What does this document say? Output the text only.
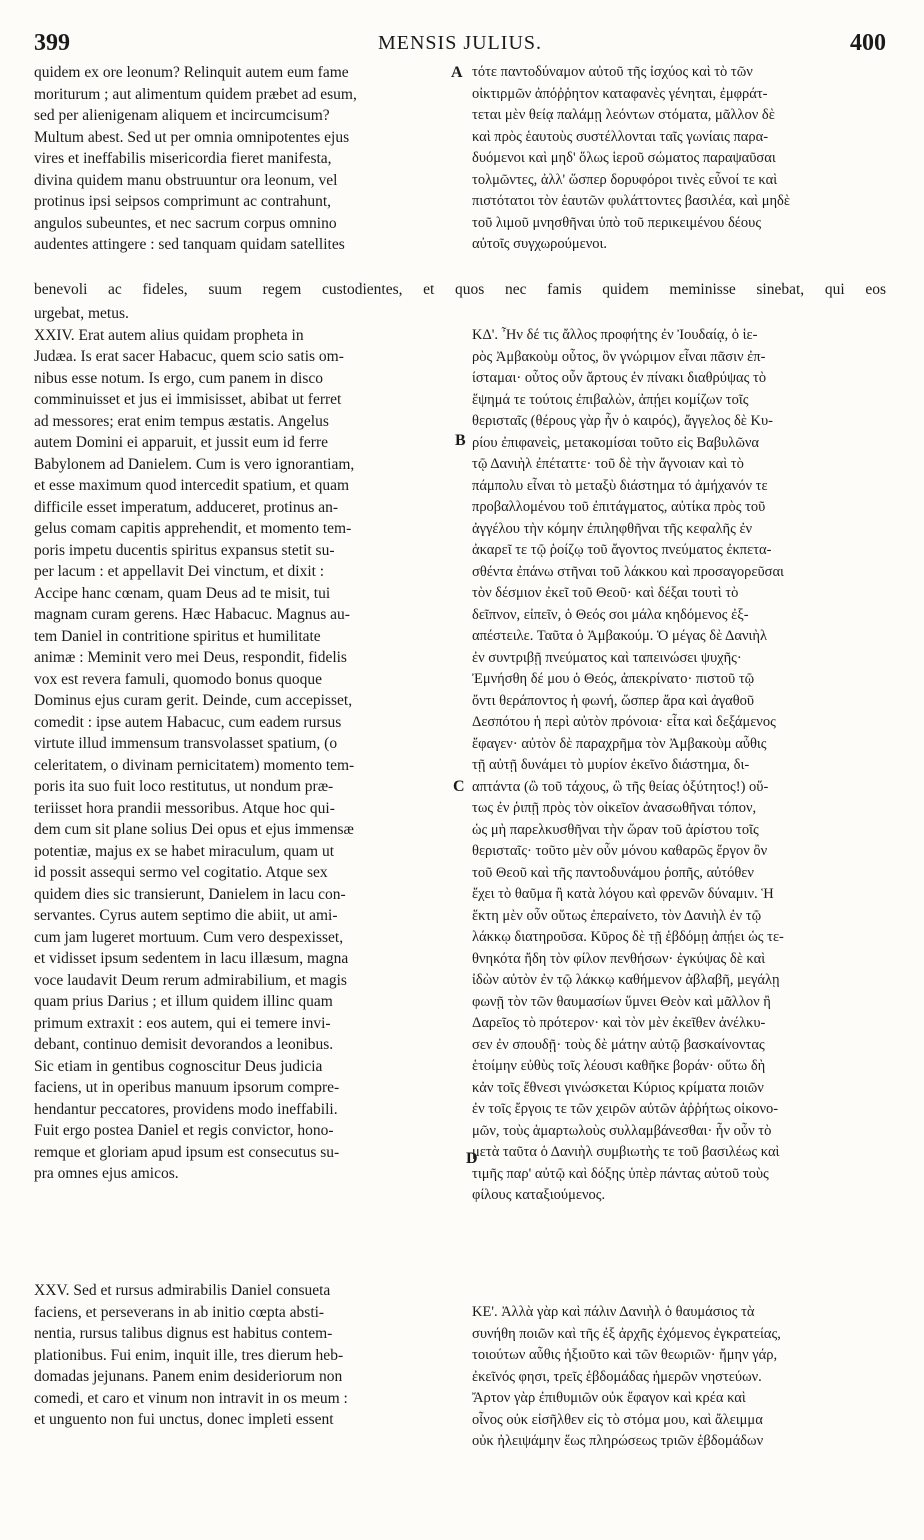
399	MENSIS JULIUS.	400
quidem ex ore leonum? Relinquit autem eum fame
moriturum ; aut alimentum quidem præbet ad esum,
sed per alienigenam aliquem et incircumcisum?
Multum abest. Sed ut per omnia omnipotentes ejus
vires et ineffabilis misericordia fieret manifesta,
divina quidem manu obstruuntur ora leonum, vel
protinus ipsi seipsos comprimunt ac contrahunt,
angulos subeuntes, et nec sacrum corpus omnino
audentes attingere : sed tanquam quidam satellites
τότε παντοδύναμον αὐτοῦ τῆς ἰσχύος καὶ τὸ τῶν
οἰκτιρμῶν ἀπόῤῥητον καταφανὲς γένηται, ἐμφράτ-
τεται μὲν θείᾳ παλάμῃ λεόντων στόματα, μᾶλλον δὲ
καὶ πρὸς ἑαυτοὺς συστέλλονται ταῖς γωνίαις παρα-
δυόμενοι καὶ μηδ' ὅλως ἱεροῦ σώματος παραψαῦσαι
τολμῶντες, ἀλλ' ὥσπερ δορυφόροι τινὲς εὖνοί τε καὶ
πιστότατοι τὸν ἑαυτῶν φυλάττοντες βασιλέα, καὶ μηδὲ
τοῦ λιμοῦ μνησθῆναι ὑπὸ τοῦ περικειμένου δέους
αὐτοῖς συγχωρούμενοι.
benevoli ac fideles, suum regem custodientes, et quos nec famis quidem meminisse sinebat, qui eos
urgebat, metus.
XXIV. Erat autem alius quidam propheta in
Judæa. Is erat sacer Habacuc, quem scio satis om-
nibus esse notum. Is ergo, cum panem in disco
comminuisset et jus ei immisisset, abibat ut ferret
ad messores; erat enim tempus æstatis. Angelus
autem Domini ei apparuit, et jussit eum id ferre
Babylonem ad Danielem. Cum is vero ignorantiam,
et esse maximum quod intercedit spatium, et quam
difficile esset imperatum, adduceret, protinus an-
gelus comam capitis apprehendit, et momento tem-
poris impetu ducentis spiritus expansus stetit su-
per lacum : et appellavit Dei vinctum, et dixit :
Accipe hanc cœnam, quam Deus ad te misit, tui
magnam curam gerens. Hæc Habacuc. Magnus au-
tem Daniel in contritione spiritus et humilitate
animæ : Meminit vero mei Deus, respondit, fidelis
vox est revera famuli, quomodo bonus quoque
Dominus ejus curam gerit. Deinde, cum accepisset,
comedit : ipse autem Habacuc, cum eadem rursus
virtute illud immensum transvolasset spatium, (o
celeritatem, o divinam pernicitatem) momento tem-
poris ita suo fuit loco restitutus, ut nondum præ-
teriisset hora prandii messoribus. Atque hoc qui-
dem cum sit plane solius Dei opus et ejus immensæ
potentiæ, majus ex se habet miraculum, quam ut
id possit assequi sermo vel cogitatio. Atque sex
quidem dies sic transierunt, Danielem in lacu con-
servantes. Cyrus autem septimo die abiit, ut ami-
cum jam lugeret mortuum. Cum vero despexisset,
et vidisset ipsum sedentem in lacu illæsum, magna
voce laudavit Deum rerum admirabilium, et magis
quam prius Darius ; et illum quidem illinc quam
primum extraxit : eos autem, qui ei temere invi-
debant, continuo demisit devorandos a leonibus.
Sic etiam in gentibus cognoscitur Deus judicia
faciens, ut in operibus manuum ipsorum compre-
hendantur peccatores, providens modo ineffabili.
Fuit ergo postea Daniel et regis convictor, hono-
remque et gloriam apud ipsum est consecutus su-
pra omnes ejus amicos.
ΚΔ'. Ἦν δέ τις ἄλλος προφήτης ἐν Ἰουδαίᾳ, ὁ ἱε-
ρὸς Ἀμβακοὺμ οὗτος, ὃν γνώριμον εἶναι πᾶσιν ἐπ-
ίσταμαι· οὗτος οὖν ἄρτους ἐν πίνακι διαθρύψας τὸ
ἕψημά τε τούτοις ἐπιβαλὼν, ἀπῄει κομίζων τοῖς
θερισταῖς (θέρους γὰρ ἦν ὁ καιρός), ἄγγελος δὲ Κυ-
ρίου ἐπιφανεὶς, μετακομίσαι τοῦτο εἰς Βαβυλῶνα
τῷ Δανιὴλ ἐπέταττε· τοῦ δὲ τὴν ἄγνοιαν καὶ τὸ
πάμπολυ εἶναι τὸ μεταξὺ διάστημα τό ἀμήχανόν τε
προβαλλομένου τοῦ ἐπιτάγματος, αὐτίκα πρὸς τοῦ
ἀγγέλου τὴν κόμην ἐπιληφθῆναι τῆς κεφαλῆς ἐν
ἀκαρεῖ τε τῷ ῥοίζῳ τοῦ ἄγοντος πνεύματος ἐκπετα-
σθέντα ἐπάνω στῆναι τοῦ λάκκου καὶ προσαγορεῦσαι
τὸν δέσμιον ἐκεῖ τοῦ Θεοῦ· καὶ δέξαι τουτὶ τὸ
δεῖπνον, εἰπεῖν, ὁ Θεός σοι μάλα κηδόμενος ἐξ-
απέστειλε. Ταῦτα ὁ Ἀμβακούμ. Ὁ μέγας δὲ Δανιὴλ
ἐν συντριβῇ πνεύματος καὶ ταπεινώσει ψυχῆς·
Ἐμνήσθη δέ μου ὁ Θεός, ἀπεκρίνατο· πιστοῦ τῷ
ὄντι θεράποντος ἡ φωνή, ὥσπερ ἄρα καὶ ἀγαθοῦ
Δεσπότου ἡ περὶ αὐτὸν πρόνοια· εἶτα καὶ δεξάμενος
ἔφαγεν· αὐτὸν δὲ παραχρῆμα τὸν Ἀμβακοὺμ αὖθις
τῇ αὐτῇ δυνάμει τὸ μυρίον ἐκεῖνο διάστημα, δι-
απτάντα (ὢ τοῦ τάχους, ὢ τῆς θείας ὀξύτητος!) οὕ-
τως ἐν ῥιπῇ πρὸς τὸν οἰκεῖον ἀνασωθῆναι τόπον,
ὡς μὴ παρελκυσθῆναι τὴν ὥραν τοῦ ἀρίστου τοῖς
θερισταῖς· τοῦτο μὲν οὖν μόνου καθαρῶς ἔργον ὂν
τοῦ Θεοῦ καὶ τῆς παντοδυνάμου ῥοπῆς, αὐτόθεν
ἔχει τὸ θαῦμα ἢ κατὰ λόγου καὶ φρενῶν δύναμιν. Ἡ
ἕκτη μὲν οὖν οὕτως ἐπεραίνετο, τὸν Δανιὴλ ἐν τῷ
λάκκῳ διατηροῦσα. Κῦρος δὲ τῇ ἑβδόμῃ ἀπῄει ὡς τε-
θνηκότα ἤδη τὸν φίλον πενθήσων· ἐγκύψας δὲ καὶ
ἰδὼν αὐτὸν ἐν τῷ λάκκῳ καθήμενον ἀβλαβῆ, μεγάλῃ
φωνῇ τὸν τῶν θαυμασίων ὕμνει Θεὸν καὶ μᾶλλον ἢ
Δαρεῖος τὸ πρότερον· καὶ τὸν μὲν ἐκεῖθεν ἀνέλκυ-
σεν ἐν σπουδῇ· τοὺς δὲ μάτην αὐτῷ βασκαίνοντας
ἑτοίμην εὐθὺς τοῖς λέουσι καθῆκε βοράν· οὕτω δὴ
κἀν τοῖς ἔθνεσι γινώσκεται Κύριος κρίματα ποιῶν
ἐν τοῖς ἔργοις τε τῶν χειρῶν αὐτῶν ἀῤῥήτως οἰκονο-
μῶν, τοὺς ἁμαρτωλοὺς συλλαμβάνεσθαι· ἦν οὖν τὸ
μετὰ ταῦτα ὁ Δανιὴλ συμβιωτὴς τε τοῦ βασιλέως καὶ
τιμῆς παρ' αὐτῷ καὶ δόξης ὑπὲρ πάντας αὐτοῦ τοὺς
φίλους καταξιούμενος.
XXV. Sed et rursus admirabilis Daniel consueta
faciens, et perseverans in ab initio cœpta absti-
nentia, rursus talibus dignus est habitus contem-
plationibus. Fui enim, inquit ille, tres dierum heb-
domadas jejunans. Panem enim desideriorum non
comedi, et caro et vinum non intravit in os meum :
et unguento non fui unctus, donec impleti essent
ΚΕ'. Ἀλλὰ γὰρ καὶ πάλιν Δανιὴλ ὁ θαυμάσιος τὰ
συνήθη ποιῶν καὶ τῆς ἐξ ἀρχῆς ἐχόμενος ἐγκρατείας,
τοιούτων αὖθις ἠξιοῦτο καὶ τῶν θεωριῶν· ἤμην γάρ,
ἐκεῖνός φησι, τρεῖς ἑβδομάδας ἡμερῶν νηστεύων.
Ἄρτον γὰρ ἐπιθυμιῶν οὐκ ἔφαγον καὶ κρέα καὶ
οἶνος οὐκ εἰσῆλθεν εἰς τὸ στόμα μου, καὶ ἄλειμμα
οὐκ ἠλειψάμην ἕως πληρώσεως τριῶν ἑβδομάδων
A
B
C
D
